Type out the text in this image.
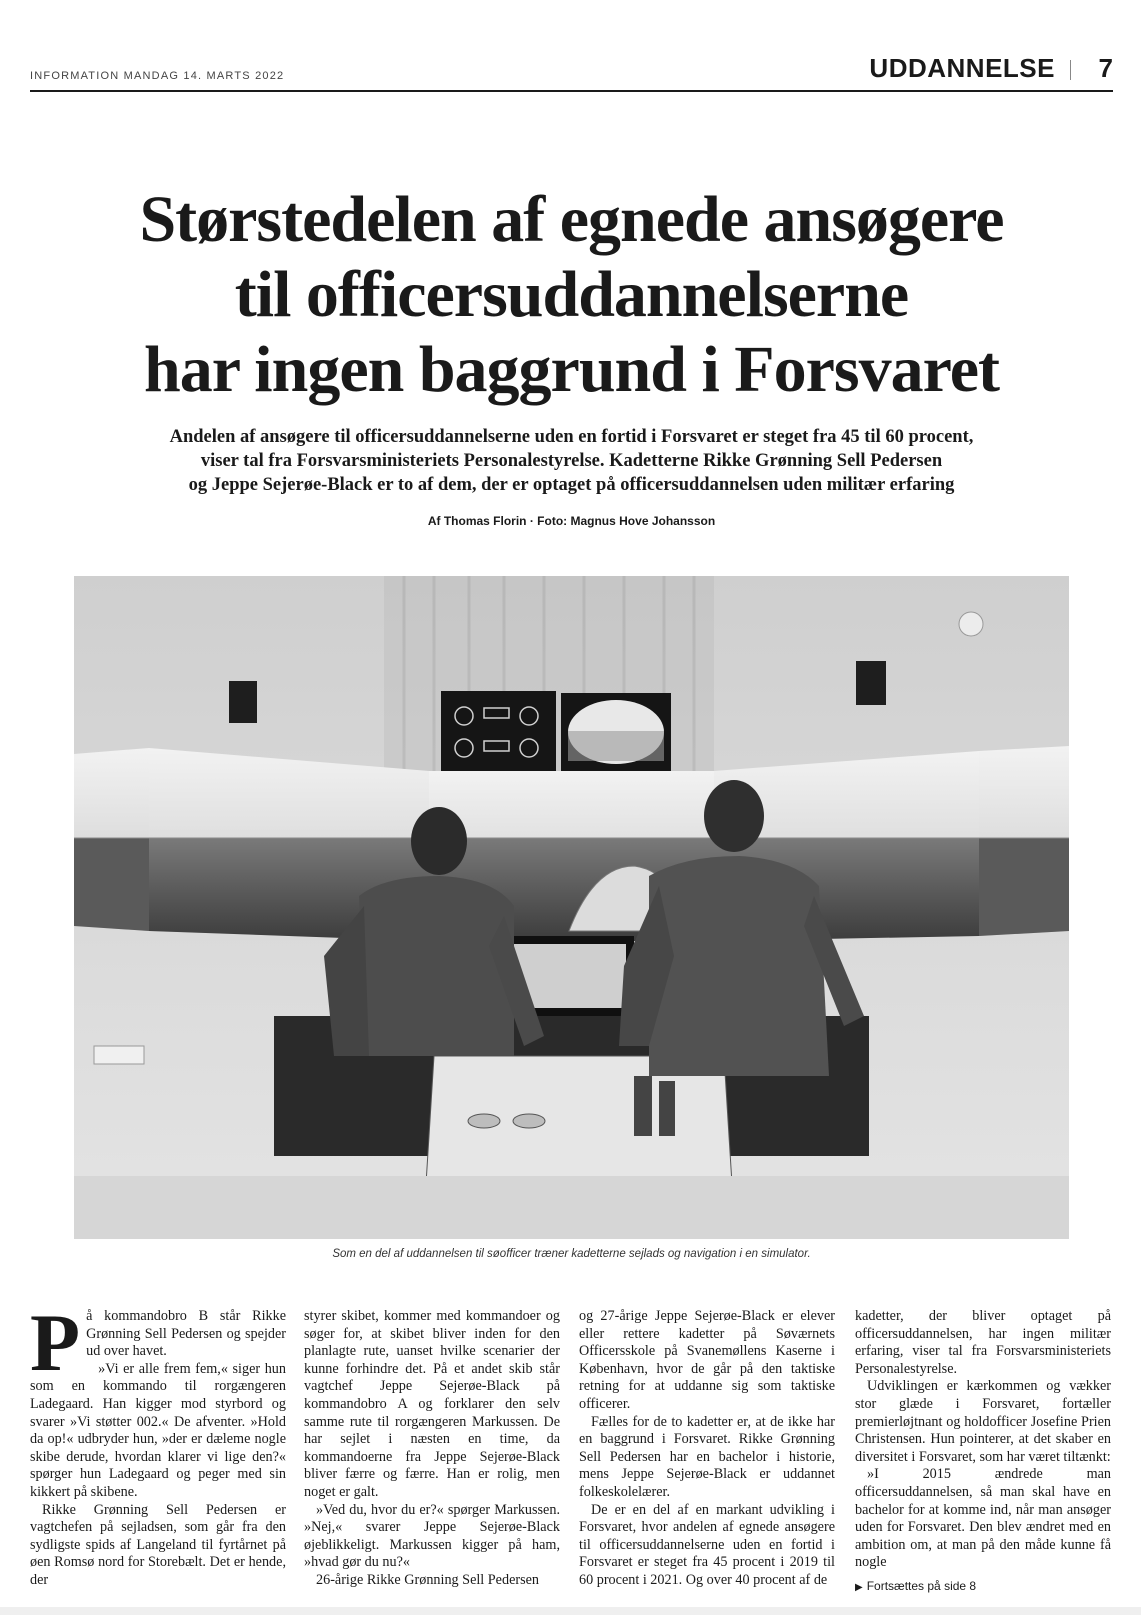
INFORMATION MANDAG 14. MARTS 2022	UDDANNELSE 7
Størstedelen af egnede ansøgere
til officersuddannelserne
har ingen baggrund i Forsvaret

Andelen af ansøgere til officersuddannelserne uden en fortid i Forsvaret er steget fra 45 til 60 procent,
viser tal fra Forsvarsministeriets Personalestyrelse. Kadetterne Rikke Grønning Sell Pedersen
og Jeppe Sejerøe-Black er to af dem, der er optaget på officersuddannelsen uden militær erfaring

Af Thomas Florin · Foto: Magnus Hove Johansson
Som en del af uddannelsen til søofficer træner kadetterne sejlads og navigation i en simulator.

På kommandobro B står Rikke Grønning Sell Pedersen og spejder ud over havet.

»Vi er alle frem fem,« siger hun som en kommando til rorgængeren Ladegaard. Han kigger mod styrbord og svarer »Vi støtter 002.« De afventer. »Hold da op!« udbryder hun, »der er dæleme nogle skibe derude, hvordan klarer vi lige den?« spørger hun Ladegaard og peger med sin kikkert på skibene.

Rikke Grønning Sell Pedersen er vagtchefen på sejladsen, som går fra den sydligste spids af Langeland til fyrtårnet på øen Romsø nord for Storebælt. Det er hende, der

styrer skibet, kommer med kommandoer og søger for, at skibet bliver inden for den planlagte rute, uanset hvilke scenarier der kunne forhindre det. På et andet skib står vagtchef Jeppe Sejerøe-Black på kommandobro A og forklarer den selv samme rute til rorgængeren Markussen. De har sejlet i næsten en time, da kommandoerne fra Jeppe Sejerøe-Black bliver færre og færre. Han er rolig, men noget er galt.

»Ved du, hvor du er?« spørger Markussen. »Nej,« svarer Jeppe Sejerøe-Black øjeblikkeligt. Markussen kigger på ham, »hvad gør du nu?«

26-årige Rikke Grønning Sell Pedersen

og 27-årige Jeppe Sejerøe-Black er elever eller rettere kadetter på Søværnets Officersskole på Svanemøllens Kaserne i København, hvor de går på den taktiske retning for at uddanne sig som taktiske officerer.

Fælles for de to kadetter er, at de ikke har en baggrund i Forsvaret. Rikke Grønning Sell Pedersen har en bachelor i historie, mens Jeppe Sejerøe-Black er uddannet folkeskolelærer.

De er en del af en markant udvikling i Forsvaret, hvor andelen af egnede ansøgere til officersuddannelserne uden en fortid i Forsvaret er steget fra 45 procent i 2019 til 60 procent i 2021. Og over 40 procent af de

kadetter, der bliver optaget på officersuddannelsen, har ingen militær erfaring, viser tal fra Forsvarsministeriets Personalestyrelse.

Udviklingen er kærkommen og vækker stor glæde i Forsvaret, fortæller premierløjtnant og holdofficer Josefine Prien Christensen. Hun pointerer, at det skaber en diversitet i Forsvaret, som har været tiltænkt:

»I 2015 ændrede man officersuddannelsen, så man skal have en bachelor for at komme ind, når man ansøger uden for Forsvaret. Den blev ændret med en ambition om, at man på den måde kunne få nogle

▶ Fortsættes på side 8
